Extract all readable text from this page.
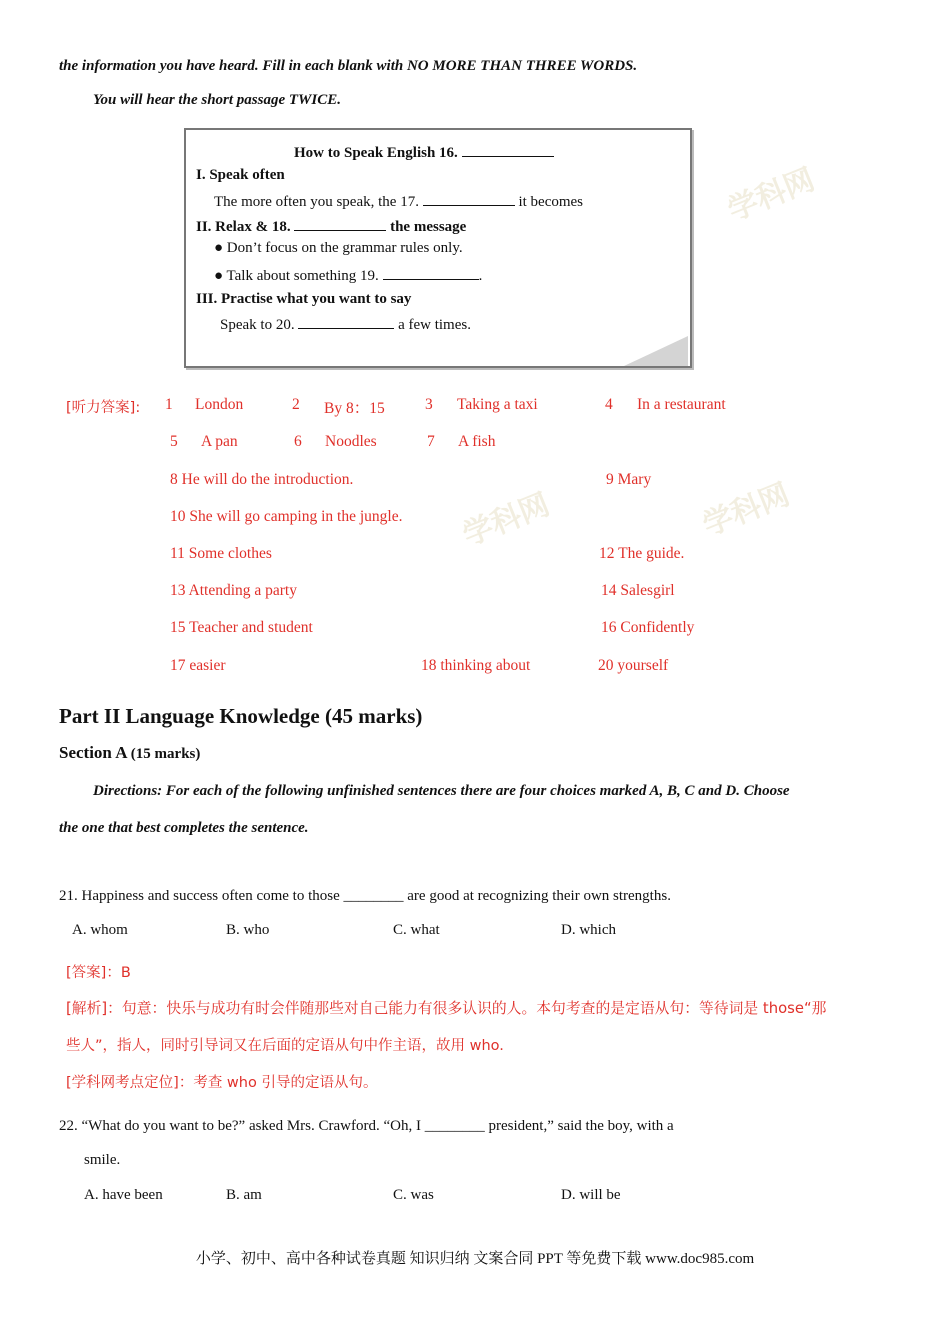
the information you have heard. Fill in each blank with NO MORE THAN THREE WORDS.
You will hear the short passage TWICE.
How to Speak English 16.
I. Speak often
The more often you speak, the 17.	it becomes
II. Relax & 18.	the message
● Don’t focus on the grammar rules only.
● Talk about something 19.	.
III. Practise what you want to say
Speak to 20.	a few times.
学科网
学科网	学科网
[听力答案]: 1 London	2 By 8：15	3 Taking a taxi	4 In a restaurant
5 A pan	6 Noodles	7 A fish
8 He will do the introduction.	9 Mary
10 She will go camping in the jungle.
11 Some clothes	12 The guide.
13 Attending a party	14 Salesgirl
15 Teacher and student	16 Confidently
17 easier	18 thinking about	20 yourself
Part II Language Knowledge (45 marks)
Section A (15 marks)
Directions: For each of the following unfinished sentences there are four choices marked A, B, C and D. Choose
the one that best completes the sentence.
21. Happiness and success often come to those ________ are good at recognizing their own strengths.
A. whom	B. who	C. what	D. which
[答案]：B
[解析]：句意：快乐与成功有时会伴随那些对自己能力有很多认识的人。本句考查的是定语从句：等待词是 those“那
些人”，指人，同时引导词又在后面的定语从句中作主语，故用 who.
[学科网考点定位]：考查 who 引导的定语从句。
22. “What do you want to be?” asked Mrs. Crawford. “Oh, I ________ president,” said the boy, with a
smile.
A. have been	B. am	C. was	D. will be
小学、初中、高中各种试卷真题 知识归纳 文案合同 PPT 等免费下载 www.doc985.com
